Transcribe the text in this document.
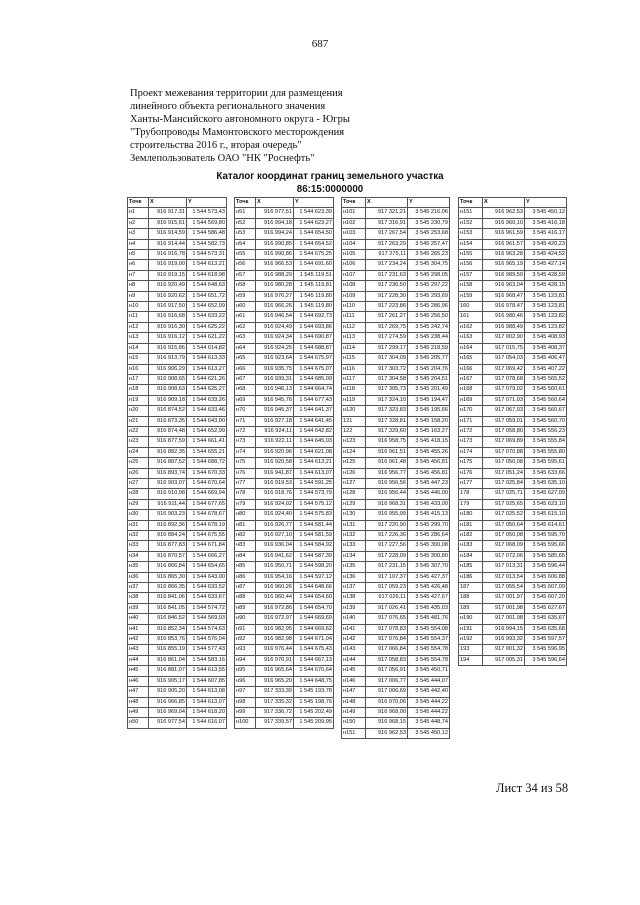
687
Проект межевания территории для размещения
линейного объекта регионального значения
Ханты-Мансийского автономного округа - Югры
"Трубопроводы Мамонтовского месторождения
строительства 2016 г., вторая очередь"
Землепользователь ОАО "НК "Роснефть"
Каталог координат границ земельного участка
86:15:0000000
Точк	X	Y
н1	916 917,31	1 544 573,43
н2	916 915,61	1 544 569,80
н3	916 914,59	1 544 586,48
н4	916 914,44	1 544 582,73
н5	916 916,78	1 544 573,31
н6	916 919,00	1 544 613,21
н7	916 919,15	1 544 618,98
н8	916 920,49	1 544 648,63
н9	916 920,62	1 544 651,72
н10	916 917,50	1 544 652,09
н11	916 916,68	1 544 633,22
н12	916 916,30	1 544 625,22
н13	916 916,12	1 544 621,22
н14	916 915,86	1 544 614,82
н15	916 913,79	1 544 613,33
н16	916 906,29	1 544 613,27
н17	916 908,65	1 544 621,26
н18	916 908,63	1 544 625,27
н19	916 909,18	1 544 633,26
н20	916 874,52	1 544 633,46
н21	916 873,35	1 544 643,00
н22	916 874,48	1 544 652,99
н23	916 877,59	1 544 661,41
н24	916 882,35	1 544 655,21
н25	916 887,52	1 544 688,72
н26	916 893,74	1 544 670,33
н27	916 903,07	1 544 670,64
н28	916 910,98	1 544 669,94
н29	916 911,44	1 544 677,65
н30	916 903,23	1 544 678,67
н31	916 892,36	1 544 678,19
н32	916 884,24	1 544 675,55
н33	916 877,83	1 544 671,84
н34	916 870,57	1 544 666,27
н35	916 866,84	1 544 654,65
н36	916 865,30	1 544 643,00
н37	916 866,35	1 544 633,52
н38	916 841,06	1 544 633,67
н39	916 841,05	1 544 574,72
н40	916 846,52	1 544 569,03
н41	916 852,34	1 544 574,63
н42	916 853,76	1 544 576,04
н43	916 855,19	1 544 577,43
н44	916 861,04	1 544 583,16
н45	916 881,07	1 544 613,55
н46	916 905,17	1 544 607,85
н47	916 905,20	1 544 613,08
н48	916 966,85	1 544 613,07
н49	916 969,04	1 544 618,20
н50	916 977,54	1 544 616,07
Точк	X	Y
н51	916 977,51	1 544 623,39
н52	916 994,18	1 544 623,27
н53	916 994,24	1 544 654,50
н54	916 990,85	1 544 654,52
н55	916 990,86	1 544 675,25
н56	916 966,53	1 544 691,60
н57	916 988,29	1 545 119,51
н58	916 980,28	1 545 119,81
н59	916 976,27	1 545 119,80
н60	916 966,26	1 545 119,80
н61	916 946,54	1 544 692,73
н62	916 924,49	1 544 693,86
н63	916 924,34	1 544 690,87
н64	916 924,25	1 544 688,87
н65	916 923,64	1 544 675,97
н66	916 935,75	1 544 675,07
н67	916 939,31	1 544 685,09
н68	916 946,13	1 544 664,74
н69	916 945,76	1 544 677,43
н70	916 945,37	1 544 641,37
н71	916 927,18	1 544 641,45
н72	916 924,11	1 544 642,82
н73	916 922,11	1 544 645,03
н74	916 920,96	1 544 621,08
н75	916 920,58	1 544 613,21
н76	916 941,87	1 544 613,07
н77	916 919,53	1 544 591,25
н78	916 918,76	1 544 573,79
н79	916 924,02	1 544 575,12
н80	916 924,40	1 544 575,83
н81	916 926,77	1 544 581,44
н82	916 927,10	1 544 581,59
н83	916 936,04	1 544 584,92
н84	916 941,62	1 544 587,39
н85	916 950,71	1 544 598,20
н86	916 954,16	1 544 597,12
н87	916 960,26	1 544 648,66
н88	916 960,44	1 544 654,60
н89	916 972,86	1 544 654,70
н90	916 972,97	1 544 669,69
н91	916 982,95	1 544 669,62
н92	916 982,98	1 544 671,04
н93	916 976,44	1 544 675,43
н94	916 970,91	1 544 667,13
н95	916 965,64	1 544 670,64
н96	916 965,20	1 544 648,75
н97	917 333,39	1 545 193,78
н98	917 335,32	1 545 198,76
н99	917 336,72	1 545 202,49
н100	917 339,57	1 545 209,95
Точк	X	Y
н101	917 321,21	3 545 216,06
н102	917 316,91	3 545 230,79
н103	917 267,54	3 545 253,68
н104	917 263,29	3 545 257,47
н105	917 275,11	3 545 265,23
н106	917 234,24	3 545 304,75
н107	917 231,63	3 545 298,05
н108	917 236,50	3 545 297,22
н109	917 228,30	3 545 293,69
н110	917 223,86	3 545 286,96
н111	917 261,27	3 545 256,50
н112	917 269,75	3 545 242,74
н113	917 274,59	3 545 238,44
н114	917 299,17	3 545 218,59
н115	917 304,09	3 545 205,77
н116	917 303,72	3 545 204,76
н117	917 304,58	3 545 204,51
н118	917 305,73	3 545 201,49
н119	917 324,10	3 545 194,47
н120	917 323,83	3 545 195,66
121	917 328,81	3 545 158,20
122	917 329,60	3 545 163,27
н123	916 958,75	3 545 418,15
н124	916 961,51	3 545 455,26
н125	916 961,48	3 545 456,81
н126	916 956,77	3 545 456,81
н127	916 956,56	3 545 447,23
н128	916 956,44	3 545 446,00
н129	916 968,31	3 545 433,00
н130	916 955,99	3 545 415,13
н131	917 220,90	3 545 299,70
н132	917 226,36	3 545 286,64
н133	917 227,56	3 545 300,08
н134	917 228,09	3 545 300,80
н135	917 231,15	3 545 307,70
н136	917 107,37	3 545 427,37
н137	917 059,23	3 545 426,48
н138	917 026,11	3 545 427,67
н139	917 026,41	3 545 435,03
н140	917 076,65	3 545 481,76
н141	917 078,83	3 545 554,08
н142	917 076,84	3 545 554,37
н143	917 066,84	3 545 554,78
н144	917 058,83	3 545 554,78
н145	917 056,91	3 545 450,71
н146	917 006,77	3 545 444,07
н147	917 006,69	3 545 442,40
н148	916 970,06	3 545 444,22
н149	916 968,00	3 545 444,22
н150	916 968,15	3 545 448,74
н151	916 962,53	3 545 450,12
Точк	X	Y
н151	916 962,53	3 545 450,12
н152	916 960,10	3 545 416,18
н153	916 961,59	3 545 416,17
н154	916 961,57	3 545 420,23
н155	916 963,28	3 545 424,52
н156	916 965,19	3 545 427,14
н157	916 989,50	3 545 428,59
н158	916 963,04	3 545 428,15
н159	916 968,47	3 545 123,81
160	916 978,47	3 545 123,81
161	916 980,46	3 545 123,82
н162	916 988,49	3 545 123,82
н163	917 002,90	3 545 408,93
н164	917 015,75	3 545 408,37
н165	917 054,03	3 545 406,47
н166	917 069,42	3 545 407,22
н167	917 078,68	3 545 565,52
н168	917 079,02	3 545 560,61
н169	917 071,03	3 545 560,64
н170	917 067,03	3 545 560,67
н171	917 059,01	3 545 560,70
н172	917 058,80	3 545 556,23
н173	917 069,89	3 545 555,84
н174	917 070,88	3 545 555,80
н175	917 050,08	3 545 595,61
н176	917 051,24	3 545 633,66
н177	917 025,84	3 545 635,10
178	917 025,71	3 545 627,09
179	917 025,65	3 545 623,10
н180	917 025,52	3 545 615,10
н181	917 050,64	3 545 614,61
н182	917 050,08	3 545 595,70
н183	917 068,09	3 545 595,66
н184	917 072,06	3 545 585,65
н185	917 013,31	3 545 596,44
н186	917 013,54	3 545 606,88
187	917 055,54	3 545 607,09
188	917 001,97	3 545 607,20
189	917 001,98	3 545 627,67
н190	917 001,98	3 545 635,67
н191	916 994,15	3 545 635,68
н192	916 993,32	3 545 597,57
193	917 001,32	3 545 596,95
194	917 005,31	3 545 596,64
Лист 34 из 58
